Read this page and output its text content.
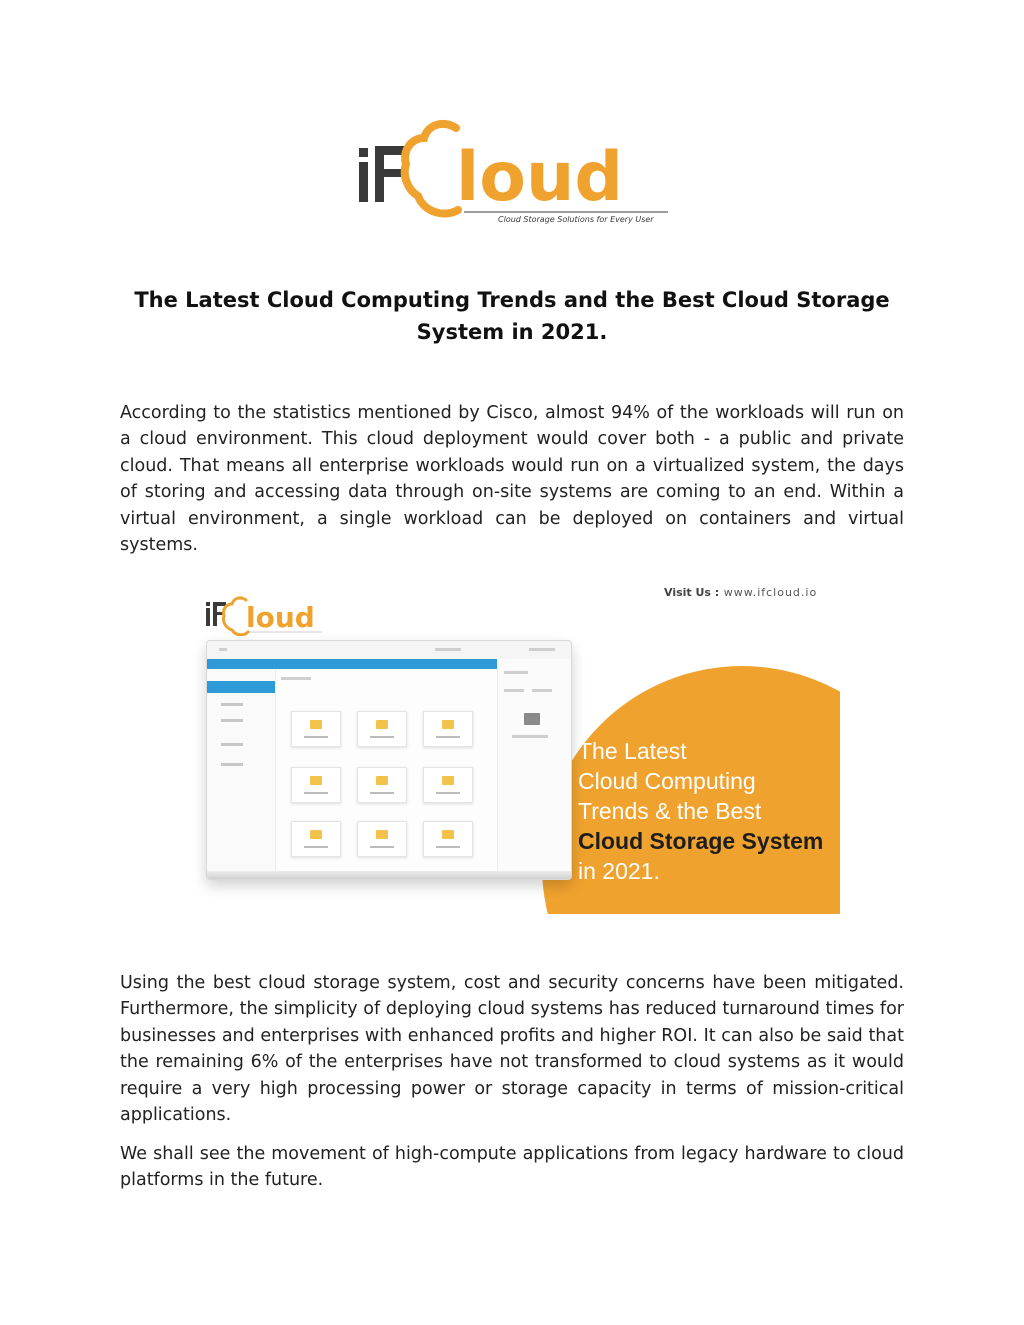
loud
Cloud Storage Solutions for Every User
The Latest Cloud Computing Trends and the Best Cloud Storage System in 2021.

According to the statistics mentioned by Cisco, almost 94% of the workloads will run on a cloud environment. This cloud deployment would cover both - a public and private cloud. That means all enterprise workloads would run on a virtualized system, the days of storing and accessing data through on-site systems are coming to an end. Within a virtual environment, a single workload can be deployed on containers and virtual systems.

loud
Visit Us : www.ifcloud.io
The Latest
Cloud Computing
Trends & the Best
Cloud Storage System
in 2021.

Using the best cloud storage system, cost and security concerns have been mitigated. Furthermore, the simplicity of deploying cloud systems has reduced turnaround times for businesses and enterprises with enhanced profits and higher ROI. It can also be said that the remaining 6% of the enterprises have not transformed to cloud systems as it would require a very high processing power or storage capacity in terms of mission-critical applications.

We shall see the movement of high-compute applications from legacy hardware to cloud platforms in the future.
